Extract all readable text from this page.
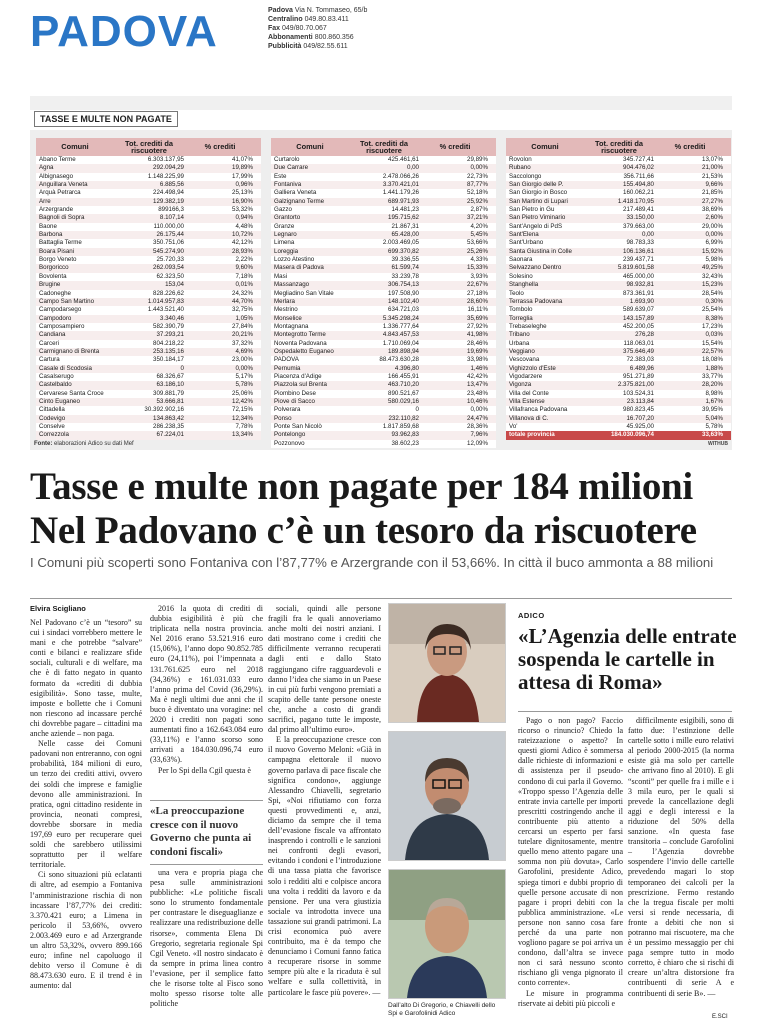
PADOVA	Padova Via N. Tommaseo, 65/b
Centralino 049.80.83.411
Fax 049/80.70.067
Abbonamenti 800.860.356
Pubblicità 049/82.55.611
TASSE E MULTE NON PAGATE
Comuni	Tot. crediti da riscuotere	% crediti
Abano Terme	6.303.137,95	41,07%
Agna	292.094,29	19,89%
Albignasego	1.148.225,99	17,99%
Anguillara Veneta	6.885,56	0,96%
Arquà Petrarca	224.498,94	25,13%
Arre	129.382,19	16,90%
Arzergrande	899166,3	53,32%
Bagnoli di Sopra	8.107,14	0,94%
Baone	110.000,00	4,48%
Barbona	26.175,44	10,72%
Battaglia Terme	350.751,06	42,12%
Boara Pisani	545.274,90	28,93%
Borgo Veneto	25.720,33	2,22%
Borgoricco	262.093,54	9,60%
Bovolenta	62.323,50	7,18%
Brugine	153,04	0,01%
Cadoneghe	828.226,62	24,32%
Campo San Martino	1.014.957,83	44,70%
Campodarsego	1.443.521,40	32,75%
Campodoro	3.340,46	1,05%
Camposampiero	582.390,79	27,84%
Candiana	37.293,21	20,21%
Carceri	804.218,22	37,32%
Carmignano di Brenta	253.135,16	4,69%
Cartura	350.184,17	23,00%
Casale di Scodosia	0	0,00%
Casalserugo	68.326,67	5,17%
Castelbaldo	63.186,10	5,78%
Cervarese Santa Croce	309.881,79	25,06%
Cinto Euganeo	53.666,81	12,42%
Cittadella	30.392.902,16	72,15%
Codevigo	134.863,42	12,34%
Conselve	286.238,35	7,78%
Correzzola	67.224,01	13,34%
Comuni	Tot. crediti da riscuotere	% crediti
Curtarolo	425.461,61	29,89%
Due Carrare	0,00	0,00%
Este	2.478.066,26	22,73%
Fontaniva	3.370.421,01	87,77%
Galliera Veneta	1.441.179,26	52,18%
Galzignano Terme	689.971,93	25,92%
Gazzo	14.481,23	2,87%
Grantorto	195.715,62	37,21%
Granze	21.867,31	4,20%
Legnaro	65.428,00	5,45%
Limena	2.003.469,05	53,66%
Loreggia	699.370,82	25,26%
Lozzo Atestino	39.336,55	4,33%
Masera di Padova	61.599,74	15,33%
Masi	33.239,78	3,93%
Massanzago	306.754,13	22,67%
Megliadino San Vitale	197.508,90	27,18%
Merlara	148.102,40	28,60%
Mestrino	634.721,03	16,11%
Monselice	5.345.298,24	35,69%
Montagnana	1.336.777,64	27,92%
Montegrotto Terme	4.843.457,53	41,98%
Noventa Padovana	1.710.069,04	28,46%
Ospedaletto Euganeo	189.898,94	19,69%
PADOVA	88.473.630,28	33,98%
Pernumia	4.396,80	1,46%
Piacenza d'Adige	166.455,91	42,42%
Piazzola sul Brenta	463.710,20	13,47%
Piombino Dese	890.521,67	23,48%
Piove di Sacco	580.029,16	10,46%
Polverara	0	0,00%
Ponso	232.110,82	24,47%
Ponte San Nicolò	1.817.859,68	28,36%
Pontelongo	93.962,83	7,96%
Pozzonovo	38.602,23	12,09%
Comuni	Tot. crediti da riscuotere	% crediti
Rovolon	345.727,41	13,07%
Rubano	904.476,02	21,00%
Saccolongo	356.711,66	21,53%
San Giorgio delle P.	155.494,80	9,66%
San Giorgio in Bosco	160.062,21	21,85%
San Martino di Lupari	1.418.170,95	27,27%
San Pietro in Gu	217.489,41	38,69%
San Pietro Viminario	33.150,00	2,60%
Sant'Angelo di PdS	379.663,00	29,00%
Sant'Elena	0,00	0,00%
Sant'Urbano	98.783,33	6,99%
Santa Giustina in Colle	106.136,61	15,92%
Saonara	239.437,71	5,98%
Selvazzano Dentro	5.819.601,58	49,25%
Solesino	465.000,00	32,43%
Stanghella	98.932,81	15,23%
Teolo	873.361,91	28,54%
Terrassa Padovana	1.693,90	0,30%
Tombolo	589.639,07	25,54%
Torreglia	143.157,89	8,38%
Trebaseleghe	452.200,05	17,23%
Tribano	276,28	0,03%
Urbana	118.063,01	15,54%
Veggiano	375.646,49	22,57%
Vescovana	72.383,03	18,08%
Vighizzolo d'Este	6.489,96	1,88%
Vigodarzere	951.271,89	33,77%
Vigonza	2.375.821,00	28,20%
Villa del Conte	103.524,31	8,98%
Villa Estense	23.113,84	1,67%
Villafranca Padovana	980.823,45	39,95%
Villanova di C.	16.707,20	5,04%
Vo'	45.925,00	5,78%
totale provincia	184.030.096,74	33,63%
Fonte: elaborazioni Adico su dati Mef	WITHUB
Tasse e multe non pagate per 184 milioni
Nel Padovano c’è un tesoro da riscuotere
I Comuni più scoperti sono Fontaniva con l’87,77% e Arzergrande con il 53,66%. In città il buco ammonta a 88 milioni
Elvira Scigliano

Nel Padovano c’è un “tesoro” su cui i sindaci vorrebbero mettere le mani e che potrebbe “salvare” conti e bilanci e realizzare sfide sociali, culturali e di welfare, ma che è di fatto negato in quanto formato da «crediti di dubbia esigibilità». Sono tasse, multe, imposte e bollette che i Comuni non riescono ad incassare perché chi dovrebbe pagare – cittadini ma anche aziende – non paga.

Nelle casse dei Comuni padovani non entreranno, con ogni probabilità, 184 milioni di euro, un terzo dei crediti attivi, ovvero dei soldi che imprese e famiglie devono alle amministrazioni. In pratica, ogni cittadino residente in provincia, neonati compresi, dovrebbe sborsare in media 197,69 euro per recuperare quei soldi che sarebbero utilissimi soprattutto per il welfare territoriale.

Ci sono situazioni più eclatanti di altre, ad esempio a Fontaniva l’amministrazione rischia di non incassare l’87,77% dei crediti: 3.370.421 euro; a Limena in pericolo il 53,66%, ovvero 2.003.469 euro e ad Arzergrande un altro 53,32%, ovvero 899.166 euro; infine nel capoluogo il debito verso il Comune è di 88.473.630 euro. E il trend è in aumento: dal

2016 la quota di crediti di dubbia esigibilità è più che triplicata nella nostra provincia. Nel 2016 erano 53.521.916 euro (15,06%), l’anno dopo 90.852.785 euro (24,11%), poi l’impennata a 131.761.625 euro nel 2018 (34,36%) e 161.031.033 euro l’anno prima del Covid (36,29%). Ma è negli ultimi due anni che il buco è diventato una voragine: nel 2020 i crediti non pagati sono aumentati fino a 162.643.084 euro (33,11%) e l’anno scorso sono arrivati a 184.030.096,74 euro (33,63%).

Per lo Spi della Cgil questa è

«La preoccupazione cresce con il nuovo Governo che punta ai condoni fiscali»

una vera e propria piaga che pesa sulle amministrazioni pubbliche: «Le politiche fiscali sono lo strumento fondamentale per contrastare le diseguaglianze e realizzare una redistribuzione delle risorse», commenta Elena Di Gregorio, segretaria regionale Spi Cgil Veneto. «Il nostro sindacato è da sempre in prima linea contro l’evasione, per il semplice fatto che le risorse tolte al Fisco sono molto spesso risorse tolte alle politiche

sociali, quindi alle persone fragili fra le quali annoveriamo anche molti dei nostri anziani. I dati mostrano come i crediti che difficilmente verranno recuperati dagli enti e dallo Stato raggiungano cifre ragguardevoli e danno l’idea che siamo in un Paese in cui più furbi vengono premiati a scapito delle tante persone oneste che, anche a costo di grandi sacrifici, pagano tutte le imposte, dal primo all’ultimo euro».

E la preoccupazione cresce con il nuovo Governo Meloni: «Già in campagna elettorale il nuovo governo parlava di pace fiscale che significa condono», aggiunge Alessandro Chiavelli, segretario Spi, «Noi rifiutiamo con forza questi provvedimenti e, anzi, diciamo da sempre che il tema dell’evasione fiscale va affrontato inasprendo i controlli e le sanzioni nei confronti degli evasori, evitando i condoni e l’introduzione di una tassa piatta che favorisce solo i redditi alti e colpisce ancora una volta i redditi da lavoro e da pensione. Per una vera giustizia sociale va introdotta invece una tassazione sui grandi patrimoni. La crisi economica può avere contribuito, ma è da tempo che denunciamo i Comuni fanno fatica a recuperare risorse in somme sempre più alte e la ricaduta è sul welfare e sulla collettività, in particolare le fasce più povere». —

Dall’alto Di Gregorio, e Chiavelli dello Spi e Garofolinidi Adico
ADICO
«L’Agenzia delle entrate sospenda le cartelle in attesa di Roma»

Pago o non pago? Faccio ricorso o rinuncio? Chiedo la rateizzazione o aspetto? In questi giorni Adico è sommersa dalle richieste di informazioni e di assistenza per il pseudo-condono di cui parla il Governo. «Troppo spesso l’Agenzia delle entrate invia cartelle per importi prescritti costringendo anche il contribuente più attento a cercarsi un esperto per farsi tutelare dignitosamente, mentre quello meno attento pagare una somma non più dovuta», Carlo Garofolini, presidente Adico, spiega timori e dubbi proprio di quelle persone accusate di non pagare i propri debiti con la pubblica amministrazione. «Le persone non sanno cosa fare perché da una parte non vogliono pagare se poi arriva un condono, dall’altra se invece non ci sarà nessuno sconto rischiano gli venga pignorato il conto corrente».

Le misure in programma riservate ai debiti più piccoli e

difficilmente esigibili, sono di fatto due: l’estinzione delle cartelle sotto i mille euro relativi al periodo 2000-2015 (la norma esiste già ma solo per cartelle che arrivano fino al 2010). E gli “sconti” per quelle fra i mille e i 3 mila euro, per le quali si prevede la cancellazione degli aggi e degli interessi e la riduzione del 50% della sanzione. «In questa fase transitoria – conclude Garofolini – l’Agenzia dovrebbe sospendere l’invio delle cartelle prevedendo magari lo stop temporaneo dei calcoli per la prescrizione. Fermo restando che la tregua fiscale per molti versi si rende necessaria, di fronte a debiti che non si potranno mai riscuotere, ma che è un pessimo messaggio per chi paga sempre tutto in modo corretto, è chiaro che si rischi di creare un’altra distorsione fra contribuenti di serie A e contribuenti di serie B». —

E.SCI
